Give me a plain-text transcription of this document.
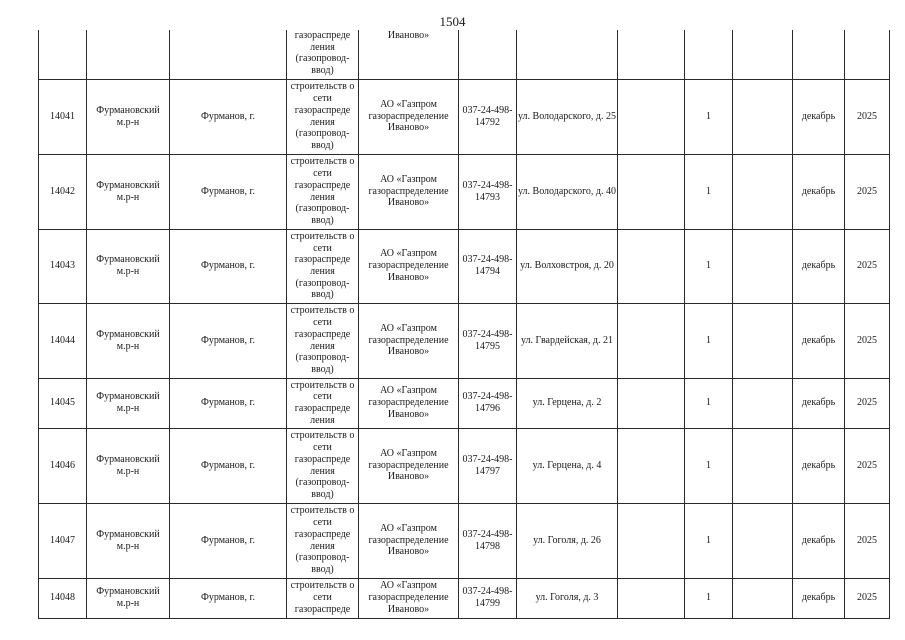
1504
			газораспреде ления (газопровод-ввод)	Иваново»							
14041	Фурмановский м.р-н	Фурманов, г.	строительств о сети газораспреде ления (газопровод-ввод)	АО «Газпром газораспределение Иваново»	037-24-498-14792	ул. Володарского, д. 25		1		декабрь	2025
14042	Фурмановский м.р-н	Фурманов, г.	строительств о сети газораспреде ления (газопровод-ввод)	АО «Газпром газораспределение Иваново»	037-24-498-14793	ул. Володарского, д. 40		1		декабрь	2025
14043	Фурмановский м.р-н	Фурманов, г.	строительств о сети газораспреде ления (газопровод-ввод)	АО «Газпром газораспределение Иваново»	037-24-498-14794	ул. Волховстроя, д. 20		1		декабрь	2025
14044	Фурмановский м.р-н	Фурманов, г.	строительств о сети газораспреде ления (газопровод-ввод)	АО «Газпром газораспределение Иваново»	037-24-498-14795	ул. Гвардейская, д. 21		1		декабрь	2025
14045	Фурмановский м.р-н	Фурманов, г.	строительств о сети газораспреде ления	АО «Газпром газораспределение Иваново»	037-24-498-14796	ул. Герцена, д. 2		1		декабрь	2025
14046	Фурмановский м.р-н	Фурманов, г.	строительств о сети газораспреде ления (газопровод-ввод)	АО «Газпром газораспределение Иваново»	037-24-498-14797	ул. Герцена, д. 4		1		декабрь	2025
14047	Фурмановский м.р-н	Фурманов, г.	строительств о сети газораспреде ления (газопровод-ввод)	АО «Газпром газораспределение Иваново»	037-24-498-14798	ул. Гоголя, д. 26		1		декабрь	2025
14048	Фурмановский м.р-н	Фурманов, г.	строительств о сети газораспреде	АО «Газпром газораспределение Иваново»	037-24-498-14799	ул. Гоголя, д. 3		1		декабрь	2025
